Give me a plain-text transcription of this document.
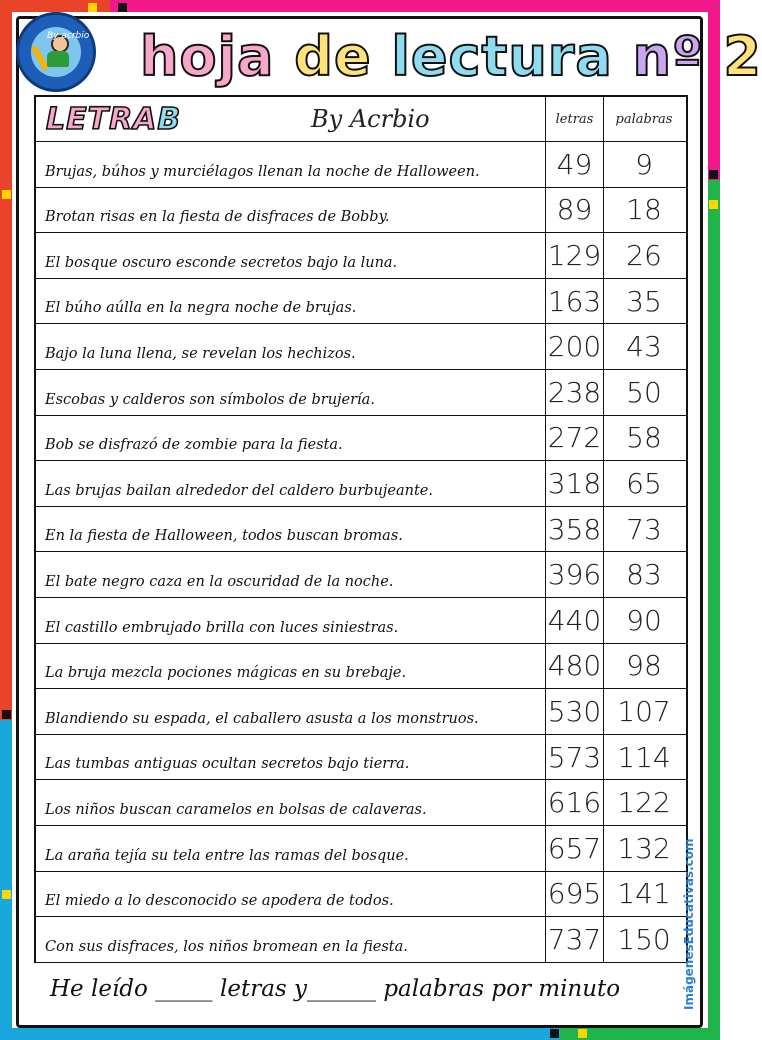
By acrbio hoja de lectura nº 2
LETRA B	By Acrbio	letras	palabras
Brujas, búhos y murciélagos llenan la noche de Halloween.	49	9
Brotan risas en la fiesta de disfraces de Bobby.	89	18
El bosque oscuro esconde secretos bajo la luna.	129 26
El búho aúlla en la negra noche de brujas.	163 35
Bajo la luna llena, se revelan los hechizos.	200 43
Escobas y calderos son símbolos de brujería.	238 50
Bob se disfrazó de zombie para la fiesta.	272 58
Las brujas bailan alrededor del caldero burbujeante.	318 65
En la fiesta de Halloween, todos buscan bromas.	358 73
El bate negro caza en la oscuridad de la noche.	396 83
El castillo embrujado brilla con luces siniestras.	440 90
La bruja mezcla pociones mágicas en su brebaje.	480 98
Blandiendo su espada, el caballero asusta a los monstruos.	530 107
Las tumbas antiguas ocultan secretos bajo tierra.	573 114
Los niños buscan caramelos en bolsas de calaveras.	616 122
La araña tejía su tela entre las ramas del bosque.	657 132
El miedo a lo desconocido se apodera de todos.	695 141
Con sus disfraces, los niños bromean en la fiesta.	737 150
He leído _____ letras y______ palabras por minuto	ImágenesEducativas.com
